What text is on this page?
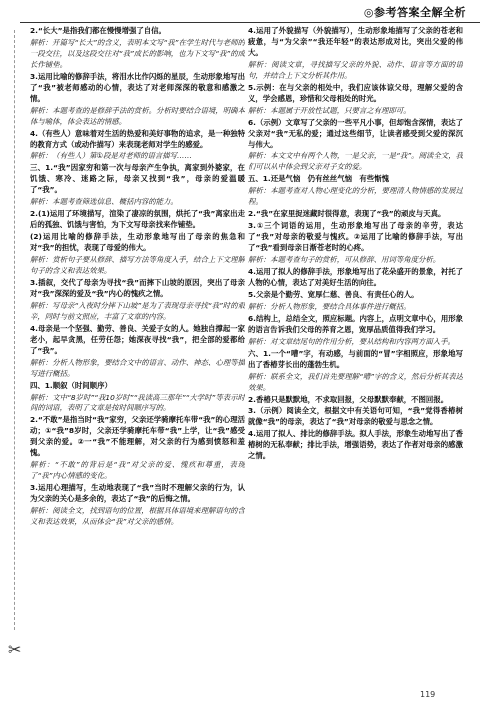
◎参考答案全解全析
✂

2.“长大”是指我们都在慢慢增强了自信。

解析：开篇写“长大”的含义，表明本文写“我”在学生时代与老师的一段交往，以及这段交往对“我”成长的影响，也为下文写“我”的成长作铺垫。

3.运用比喻的修辞手法，将泪水比作闪烁的星辰，生动形象地写出了“我”被老师感动的心情，表达了对老师深深的敬意和感激之情。

解析：本题考查的是修辞手法的赏析。分析时要结合语境，明确本体与喻体，体会表达的情感。

4.（有些人）意味着对生活的热爱和美好事物的追求，是一种独特的教育方式（或动作描写）来表现老师对学生的感爱。

解析：（有些人）第①段是对老师的语言描写……

三、1.“我”因家穷和第一次与母亲产生争执，离家到外婆家，在饥饿、寒冷、迷路之际，母亲又找到“我”，母亲的爱温暖了“我”。

解析：本题考查筛选信息、概括内容的能力。

2.(1)运用了环境描写，渲染了凄凉的氛围，烘托了“我”离家出走后的孤独、饥饿与害怕，为下文写母亲找来作铺垫。

(2)运用比喻的修辞手法，生动形象地写出了母亲的焦急和对“我”的担忧，表现了母爱的伟大。

解析：赏析句子要从修辞、描写方法等角度入手，结合上下文理解句子的含义和表达效果。

3.插叙，交代了母亲为寻找“我”而摔下山坡的原因，突出了母亲对“我”深深的爱及“我”内心的愧疚之情。

解析：写母亲“入夜时分摔下山坡”是为了表现母亲寻找“我”时的艰辛，同时与前文照应，丰富了文章的内容。

4.母亲是一个坚强、勤劳、善良、关爱子女的人。她独自撑起一家老小，起早贪黑，任劳任怨；她深夜寻找“我”，把全部的爱都给了“我”。

解析：分析人物形象，要结合文中的语言、动作、神态、心理等描写进行概括。

四、1.顺叙（时间顺序）

解析：文中“8岁时”“我10岁时”“我读高三那年”“大学时”等表示时间的词语，表明了文章是按时间顺序写的。

2.“不敢”是指当时“我”家穷，父亲还学骑摩托车带“我”的心理活动；①“我”8岁时，父亲还学骑摩托车带“我”上学，让“我”感受到父亲的爱。②一“我”不能理解，对父亲的行为感到愤怒和羞愧。

解析：“不敢”的背后是“我”对父亲的爱、愧疚和尊重，表现了“我”内心情感的变化。

3.运用心理描写，生动地表现了“我”当时不理解父亲的行为，认为父亲的关心是多余的，表达了“我”的后悔之情。

解析：阅读全文，找到语句的位置，根据具体语境来理解语句的含义和表达效果，从而体会“我”对父亲的感情。

4.运用了外貌描写（外貌描写），生动形象地描写了父亲的苍老和疲惫，与“为父亲”“我还年轻”的表达形成对比，突出父爱的伟大。

解析：阅读文章，寻找描写父亲的外貌、动作、语言等方面的语句，并结合上下文分析其作用。

5.示例：在与父亲的相处中，我们应该体谅父母，理解父爱的含义，学会感恩，珍惜和父母相处的时光。

解析：本题属于开放性试题，只要言之有理即可。

6.（示例）文章写了父亲的一些平凡小事，但却饱含深情，表达了父亲对“我”无私的爱；通过这些细节，让读者感受到父爱的深沉与伟大。

解析：本文文中有两个人物，一是父亲，一是“我”。阅读全文，我们可以从中体会到父亲对子女的爱。

五、1.还是气恼　仍有丝丝气恼　有些惭愧

解析：本题考查对人物心理变化的分析，要理清人物情感的发展过程。

2.“我”在家里捉迷藏时很得意，表现了“我”的顽皮与天真。

3.①三个词语的运用，生动形象地写出了母亲的辛劳，表达了“我”对母亲的敬爱与愧疚。②运用了比喻的修辞手法，写出了“我”看到母亲日渐苍老时的心疼。

解析：本题考查句子的赏析，可从修辞、用词等角度分析。

4.运用了拟人的修辞手法，形象地写出了花朵盛开的景象，衬托了人物的心情，表达了对美好生活的向往。

5.父亲是个勤劳、宽厚仁慈、善良、有责任心的人。

解析：分析人物形象，要结合具体事件进行概括。

6.结构上，总结全文，照应标题。内容上，点明文章中心，用形象的语言告诉我们父母的养育之恩，宽厚品质值得我们学习。

解析：对文章结尾句的作用分析，要从结构和内容两方面入手。

六、1.一个“嘈”字，有动感，与前面的“冒”字相照应，形象地写出了香椿芽长出的蓬勃生机。

解析：联系全文，我们首先要理解“嘈”字的含义，然后分析其表达效果。

2.香椿只是默默地，不求取回报，父母默默奉献，不图回报。

3.（示例）阅读全文，根据文中有关语句可知，“我”觉得香椿树就像“我”的母亲，表达了“我”对母亲的敬爱与思念之情。

4.运用了拟人、排比的修辞手法。拟人手法，形象生动地写出了香椿树的无私奉献；排比手法，增强语势，表达了作者对母亲的感激之情。

119
